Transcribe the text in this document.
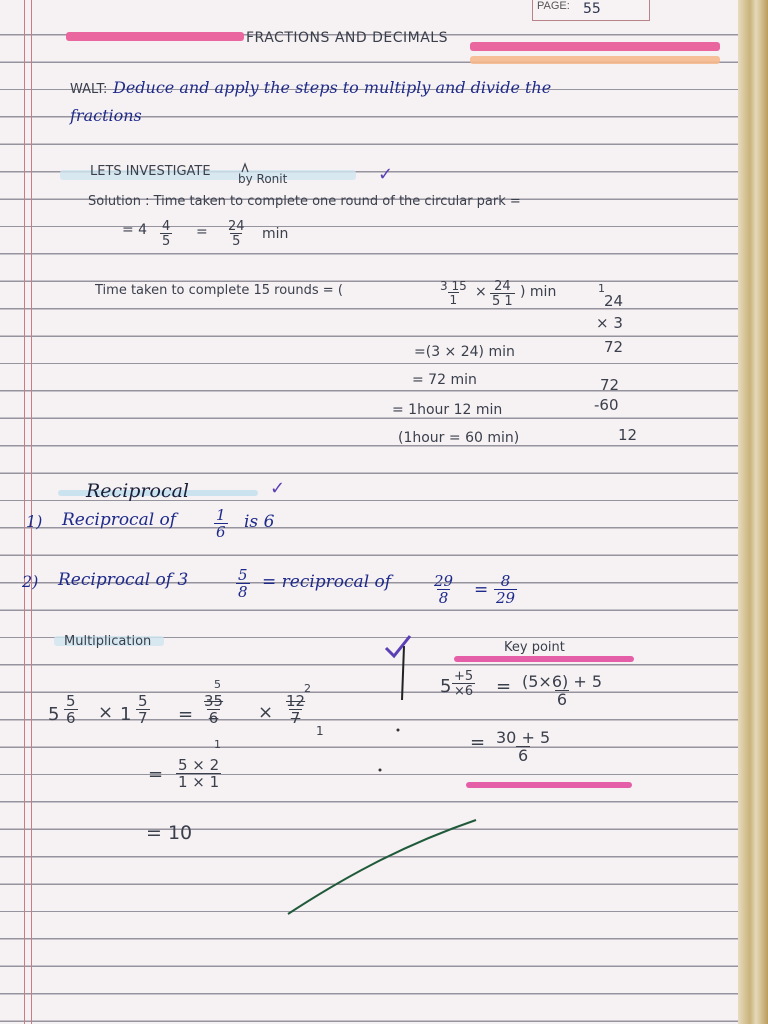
PAGE: 55
FRACTIONS AND DECIMALS
WALT: Deduce and apply the steps to multiply and divide the
fractions
LETS INVESTIGATE by Ronit	✓
Solution : Time taken to complete one round of the circular park =
= $4 \frac{4}{5} = \frac{24}{5}$ min
Time taken to complete 15 rounds = (	$\frac{3 15}{1} \times \frac{24}{5 1}$ ) min
=(3 × 24) min
= 72 min
= 1hour 12 min
(1hour = 60 min)
1
24
× 3
72
72
-60
12
Reciprocal	✓
1) Reciprocal of	$\frac{1}{6}$ is 6
2) Reciprocal of 3	$\frac{5}{8}$ = reciprocal of	$\frac{29}{8} = \frac{8}{29}$
Multiplication
$5 \frac{5}{6} \times 1 \frac{5}{7}$ =
5
$\frac{35}{6}$
1
×
2
$\frac{12}{7}$
1
= $\frac{5 \times 2}{1 \times 1}$
= 10
Key point
$5 \frac{+5}{\times 6} = \frac{(5\times 6) + 5}{6}$
= $\frac{30 + 5}{6}$
